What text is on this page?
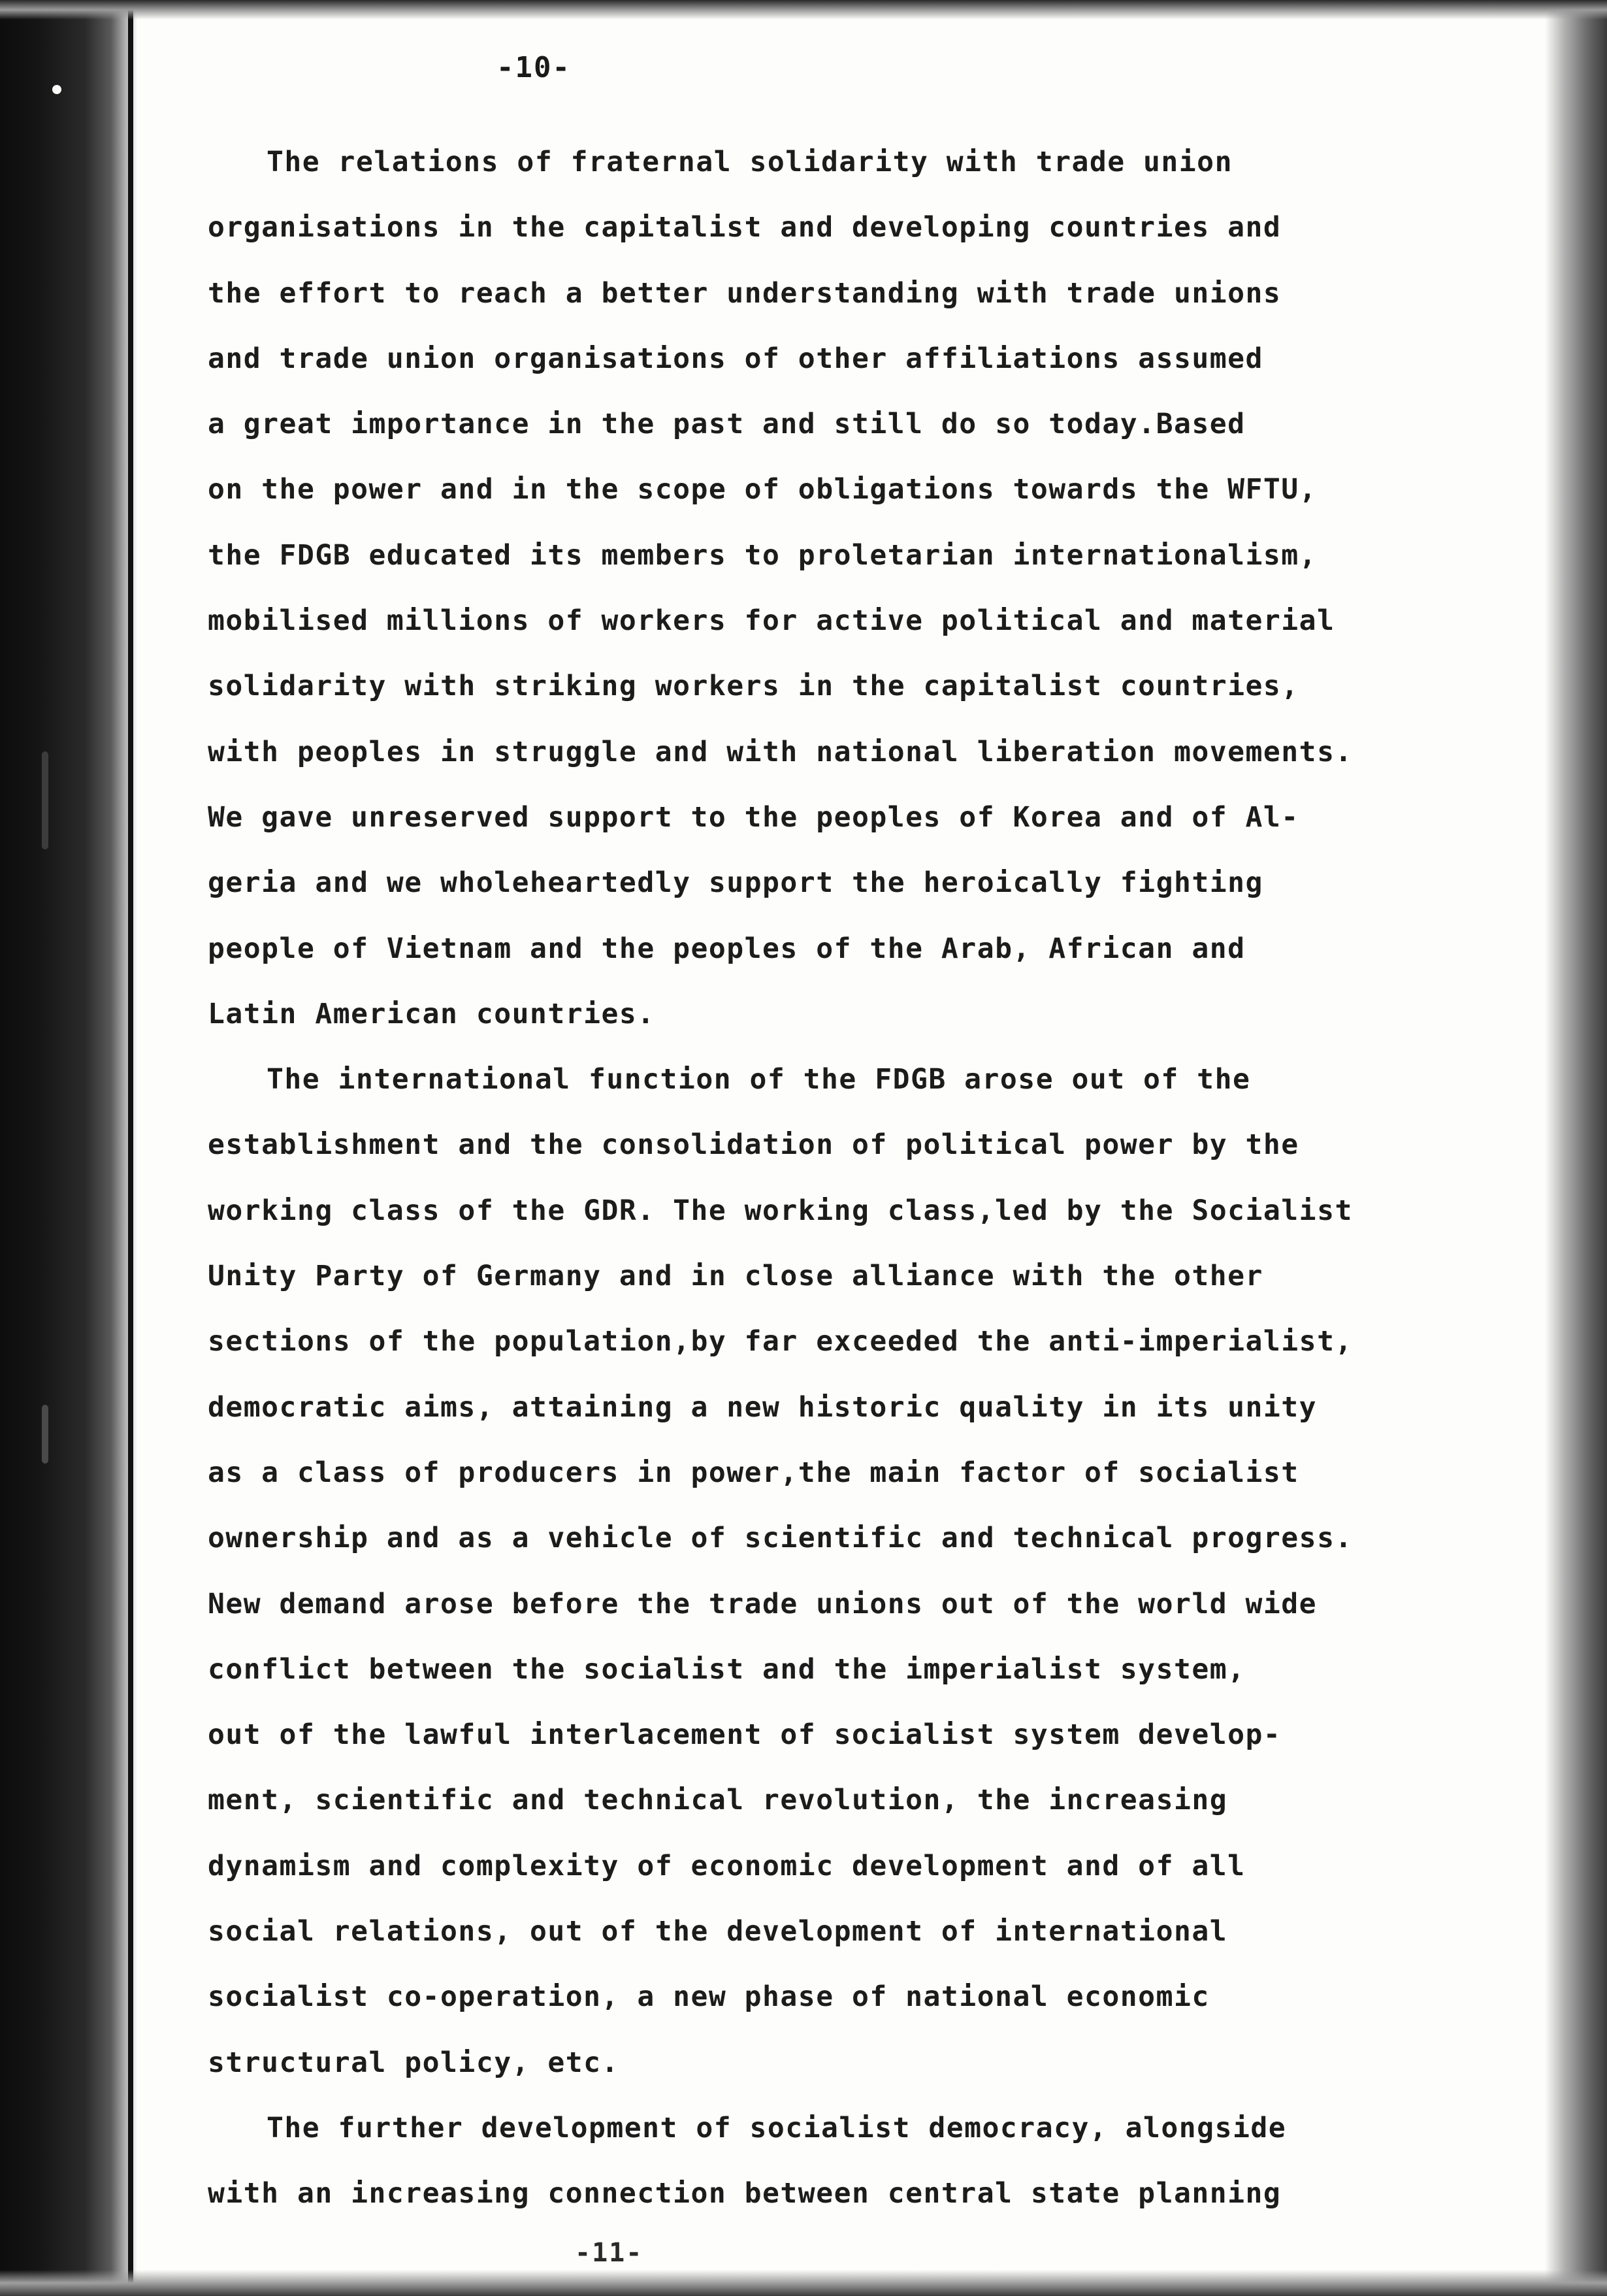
-10-
The relations of fraternal solidarity with trade union
organisations in the capitalist and developing countries and
the effort to reach a better understanding with trade unions
and trade union organisations of other affiliations assumed
a great importance in the past and still do so today.Based
on the power and in the scope of obligations towards the WFTU,
the FDGB educated its members to proletarian internationalism,
mobilised millions of workers for active political and material
solidarity with striking workers in the capitalist countries,
with peoples in struggle and with national liberation movements.
We gave unreserved support to the peoples of Korea and of Al-
geria and we wholeheartedly support the heroically fighting
people of Vietnam and the peoples of the Arab, African and
Latin American countries.
The international function of the FDGB arose out of the
establishment and the consolidation of political power by the
working class of the GDR. The working class,led by the Socialist
Unity Party of Germany and in close alliance with the other
sections of the population,by far exceeded the anti-imperialist,
democratic aims, attaining a new historic quality in its unity
as a class of producers in power,the main factor of socialist
ownership and as a vehicle of scientific and technical progress.
New demand arose before the trade unions out of the world wide
conflict between the socialist and the imperialist system,
out of the lawful interlacement of socialist system develop-
ment, scientific and technical revolution, the increasing
dynamism and complexity of economic development and of all
social relations, out of the development of international
socialist co-operation, a new phase of national economic
structural policy, etc.
The further development of socialist democracy, alongside
with an increasing connection between central state planning
-11-
